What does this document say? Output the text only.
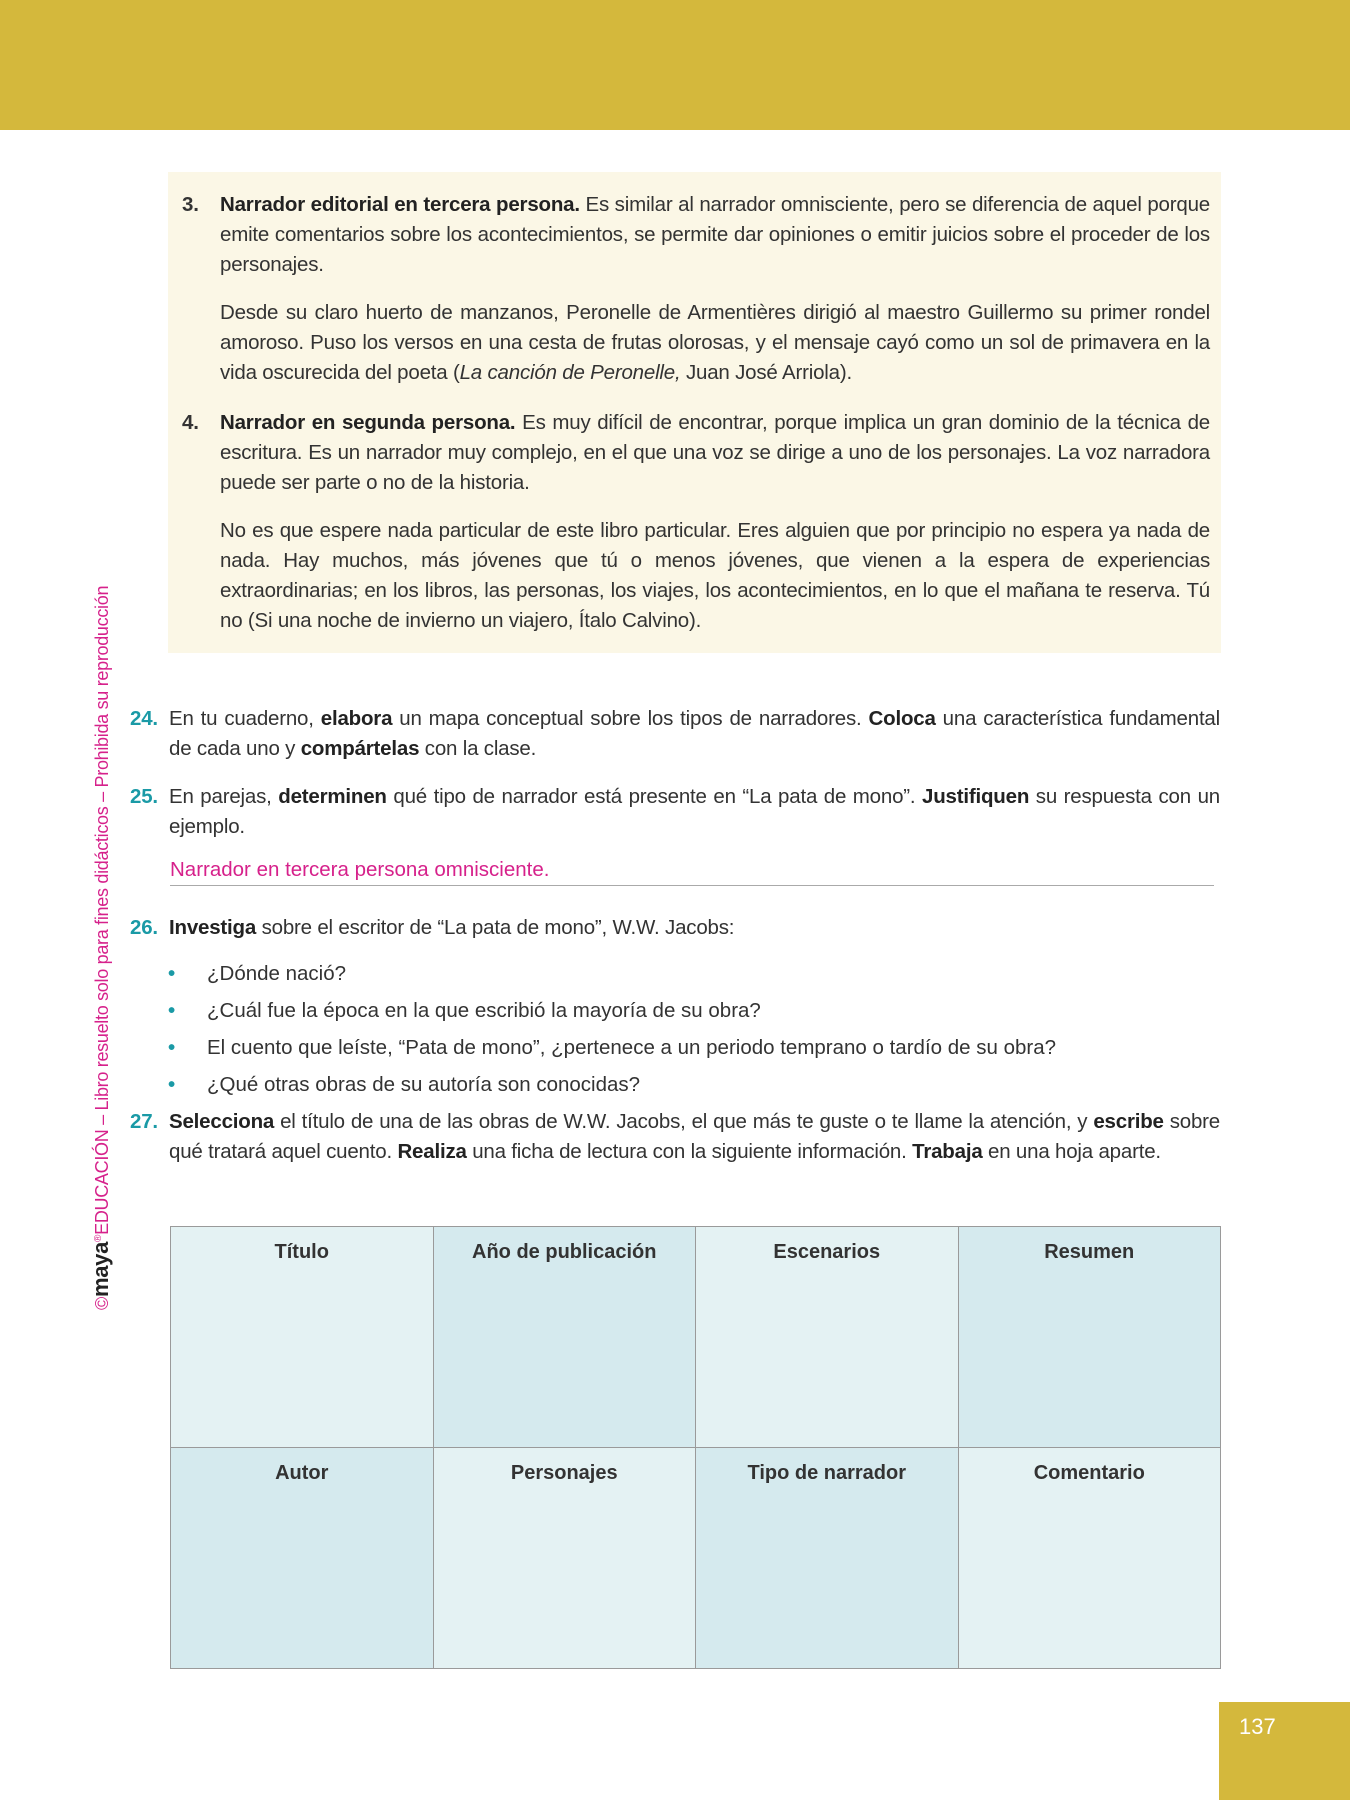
©maya®EDUCACIÓN – Libro resuelto solo para fines didácticos – Prohibida su reproducción
3. Narrador editorial en tercera persona. Es similar al narrador omnisciente, pero se diferencia de aquel porque emite comentarios sobre los acontecimientos, se permite dar opiniones o emitir juicios sobre el proceder de los personajes.
Desde su claro huerto de manzanos, Peronelle de Armentières dirigió al maestro Guillermo su primer rondel amoroso. Puso los versos en una cesta de frutas olorosas, y el mensaje cayó como un sol de primavera en la vida oscurecida del poeta (La canción de Peronelle, Juan José Arriola).
4. Narrador en segunda persona. Es muy difícil de encontrar, porque implica un gran dominio de la técnica de escritura. Es un narrador muy complejo, en el que una voz se dirige a uno de los personajes. La voz narradora puede ser parte o no de la historia.
No es que espere nada particular de este libro particular. Eres alguien que por principio no espera ya nada de nada. Hay muchos, más jóvenes que tú o menos jóvenes, que vienen a la espera de experiencias extraordinarias; en los libros, las personas, los viajes, los acontecimientos, en lo que el mañana te reserva. Tú no (Si una noche de invierno un viajero, Ítalo Calvino).
24. En tu cuaderno, elabora un mapa conceptual sobre los tipos de narradores. Coloca una característica fundamental de cada uno y compártelas con la clase.
25. En parejas, determinen qué tipo de narrador está presente en “La pata de mono”. Justifiquen su respuesta con un ejemplo.
Narrador en tercera persona omnisciente.
26. Investiga sobre el escritor de “La pata de mono”, W.W. Jacobs:
• ¿Dónde nació?
• ¿Cuál fue la época en la que escribió la mayoría de su obra?
• El cuento que leíste, “Pata de mono”, ¿pertenece a un periodo temprano o tardío de su obra?
• ¿Qué otras obras de su autoría son conocidas?
27. Selecciona el título de una de las obras de W.W. Jacobs, el que más te guste o te llame la atención, y escribe sobre qué tratará aquel cuento. Realiza una ficha de lectura con la siguiente información. Trabaja en una hoja aparte.
Título	Año de publicación	Escenarios	Resumen
Autor	Personajes	Tipo de narrador	Comentario
137
